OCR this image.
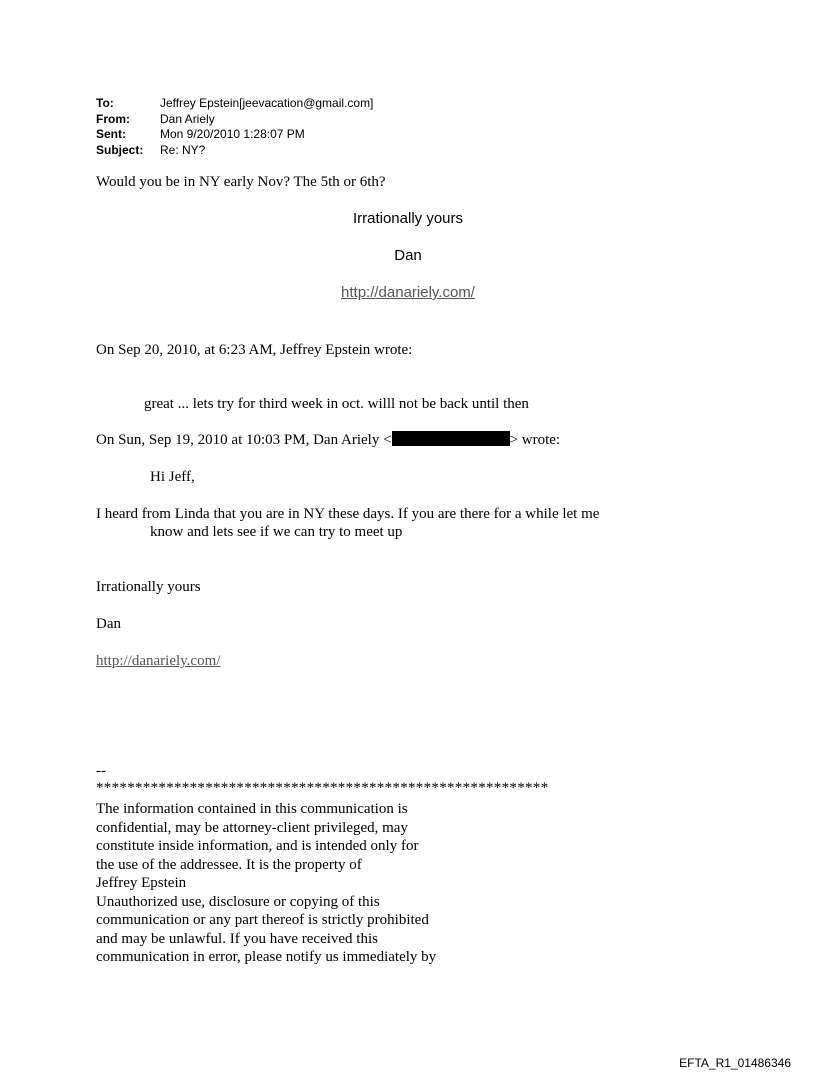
To:	Jeffrey Epstein[jeevacation@gmail.com]
From:	Dan Ariely
Sent:	Mon 9/20/2010 1:28:07 PM
Subject:	Re: NY?
Would you be in NY early Nov? The 5th or 6th?
Irrationally yours
Dan
http://danariely.com/
On Sep 20, 2010, at 6:23 AM, Jeffrey Epstein wrote:
great ... lets try for third week in oct. willl not be back until then
On Sun, Sep 19, 2010 at 10:03 PM, Dan Ariely <	> wrote:
Hi Jeff,
I heard from Linda that you are in NY these days. If you are there for a while let me
know and lets see if we can try to meet up
Irrationally yours
Dan
http://danariely.com/
--
**********************************************************
The information contained in this communication is
confidential, may be attorney-client privileged, may
constitute inside information, and is intended only for
the use of the addressee. It is the property of
Jeffrey Epstein
Unauthorized use, disclosure or copying of this
communication or any part thereof is strictly prohibited
and may be unlawful. If you have received this
communication in error, please notify us immediately by
EFTA_R1_01486346
